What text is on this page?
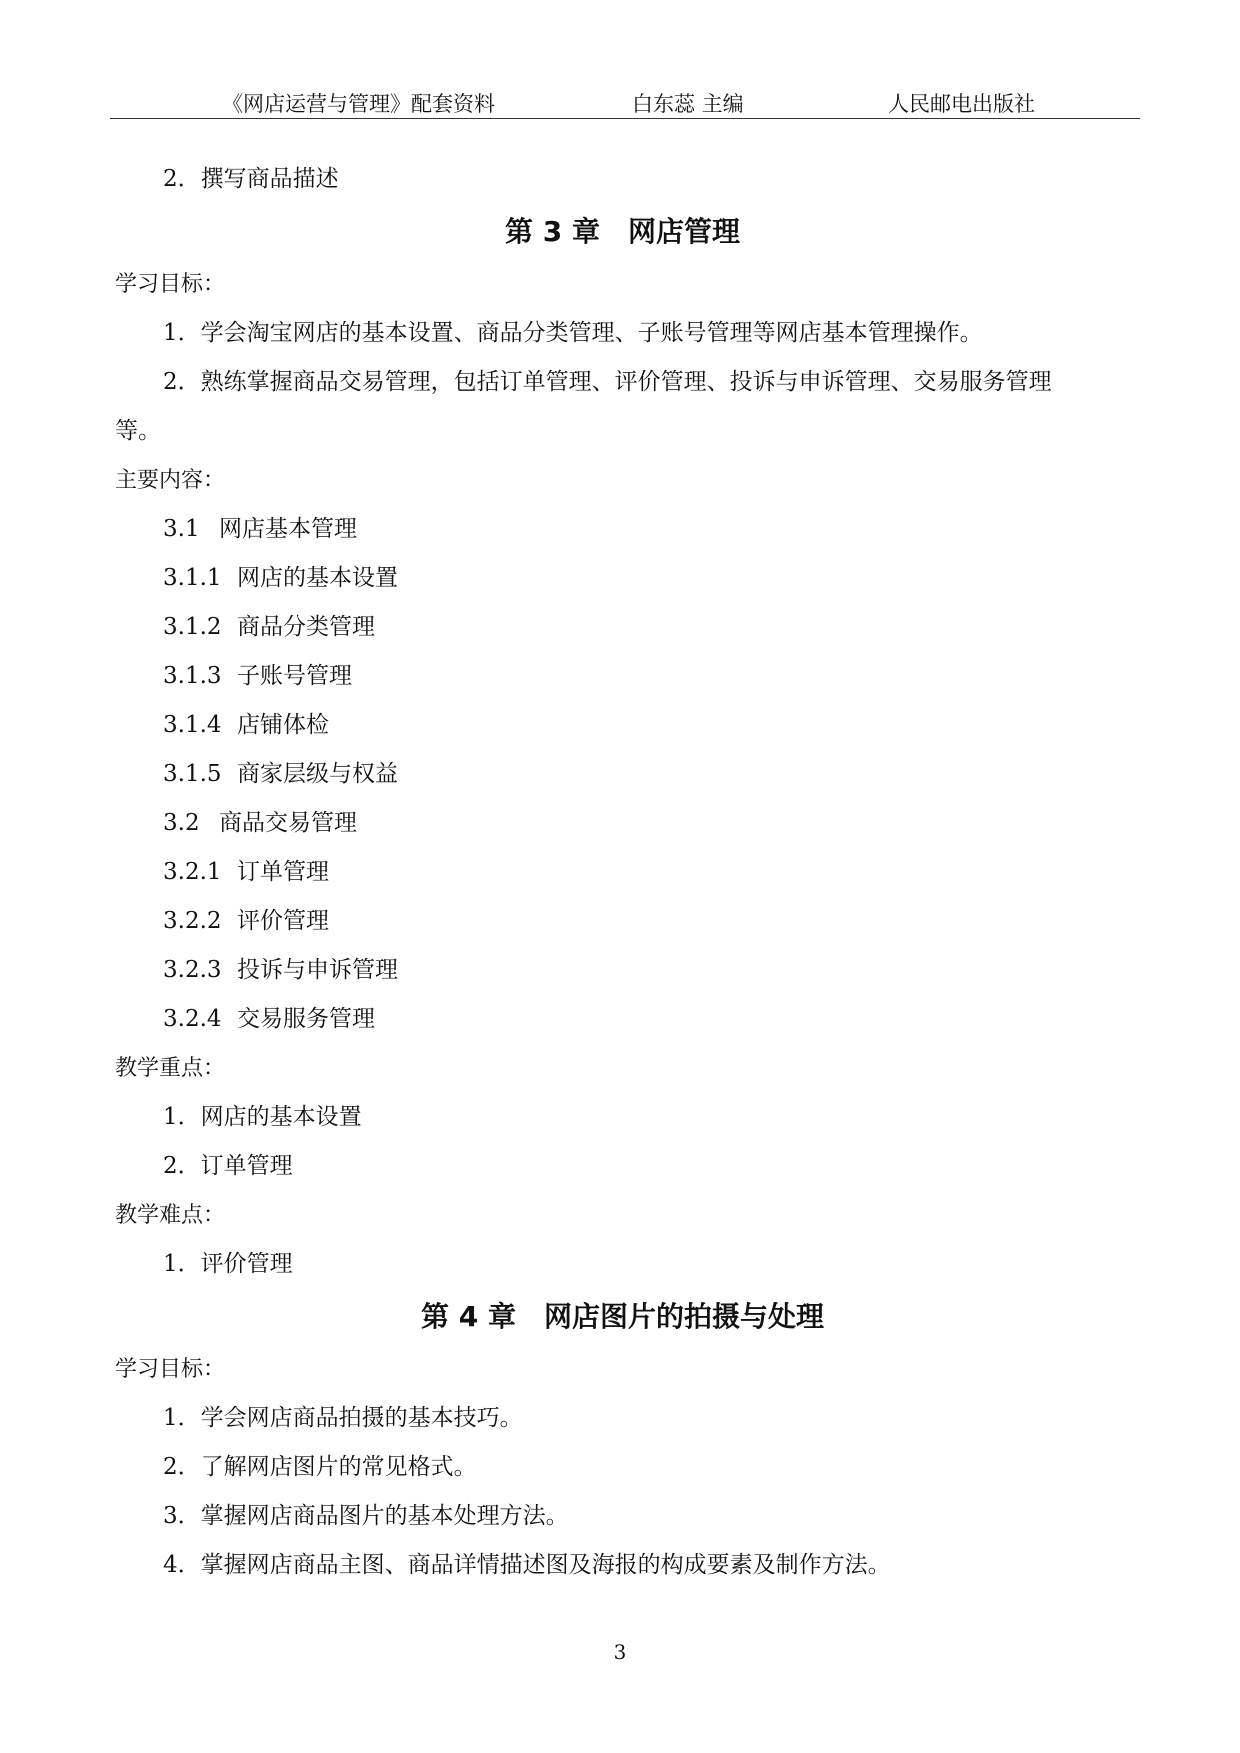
《网店运营与管理》配套资料	白东蕊 主编	人民邮电出版社
2．撰写商品描述
第 3 章　网店管理
学习目标：
1．学会淘宝网店的基本设置、商品分类管理、子账号管理等网店基本管理操作。
2．熟练掌握商品交易管理，包括订单管理、评价管理、投诉与申诉管理、交易服务管理
等。
主要内容：
3.1 网店基本管理
3.1.1 网店的基本设置
3.1.2 商品分类管理
3.1.3 子账号管理
3.1.4 店铺体检
3.1.5 商家层级与权益
3.2 商品交易管理
3.2.1 订单管理
3.2.2 评价管理
3.2.3 投诉与申诉管理
3.2.4 交易服务管理
教学重点：
1．网店的基本设置
2．订单管理
教学难点：
1．评价管理
第 4 章　网店图片的拍摄与处理
学习目标：
1．学会网店商品拍摄的基本技巧。
2．了解网店图片的常见格式。
3．掌握网店商品图片的基本处理方法。
4．掌握网店商品主图、商品详情描述图及海报的构成要素及制作方法。
3
